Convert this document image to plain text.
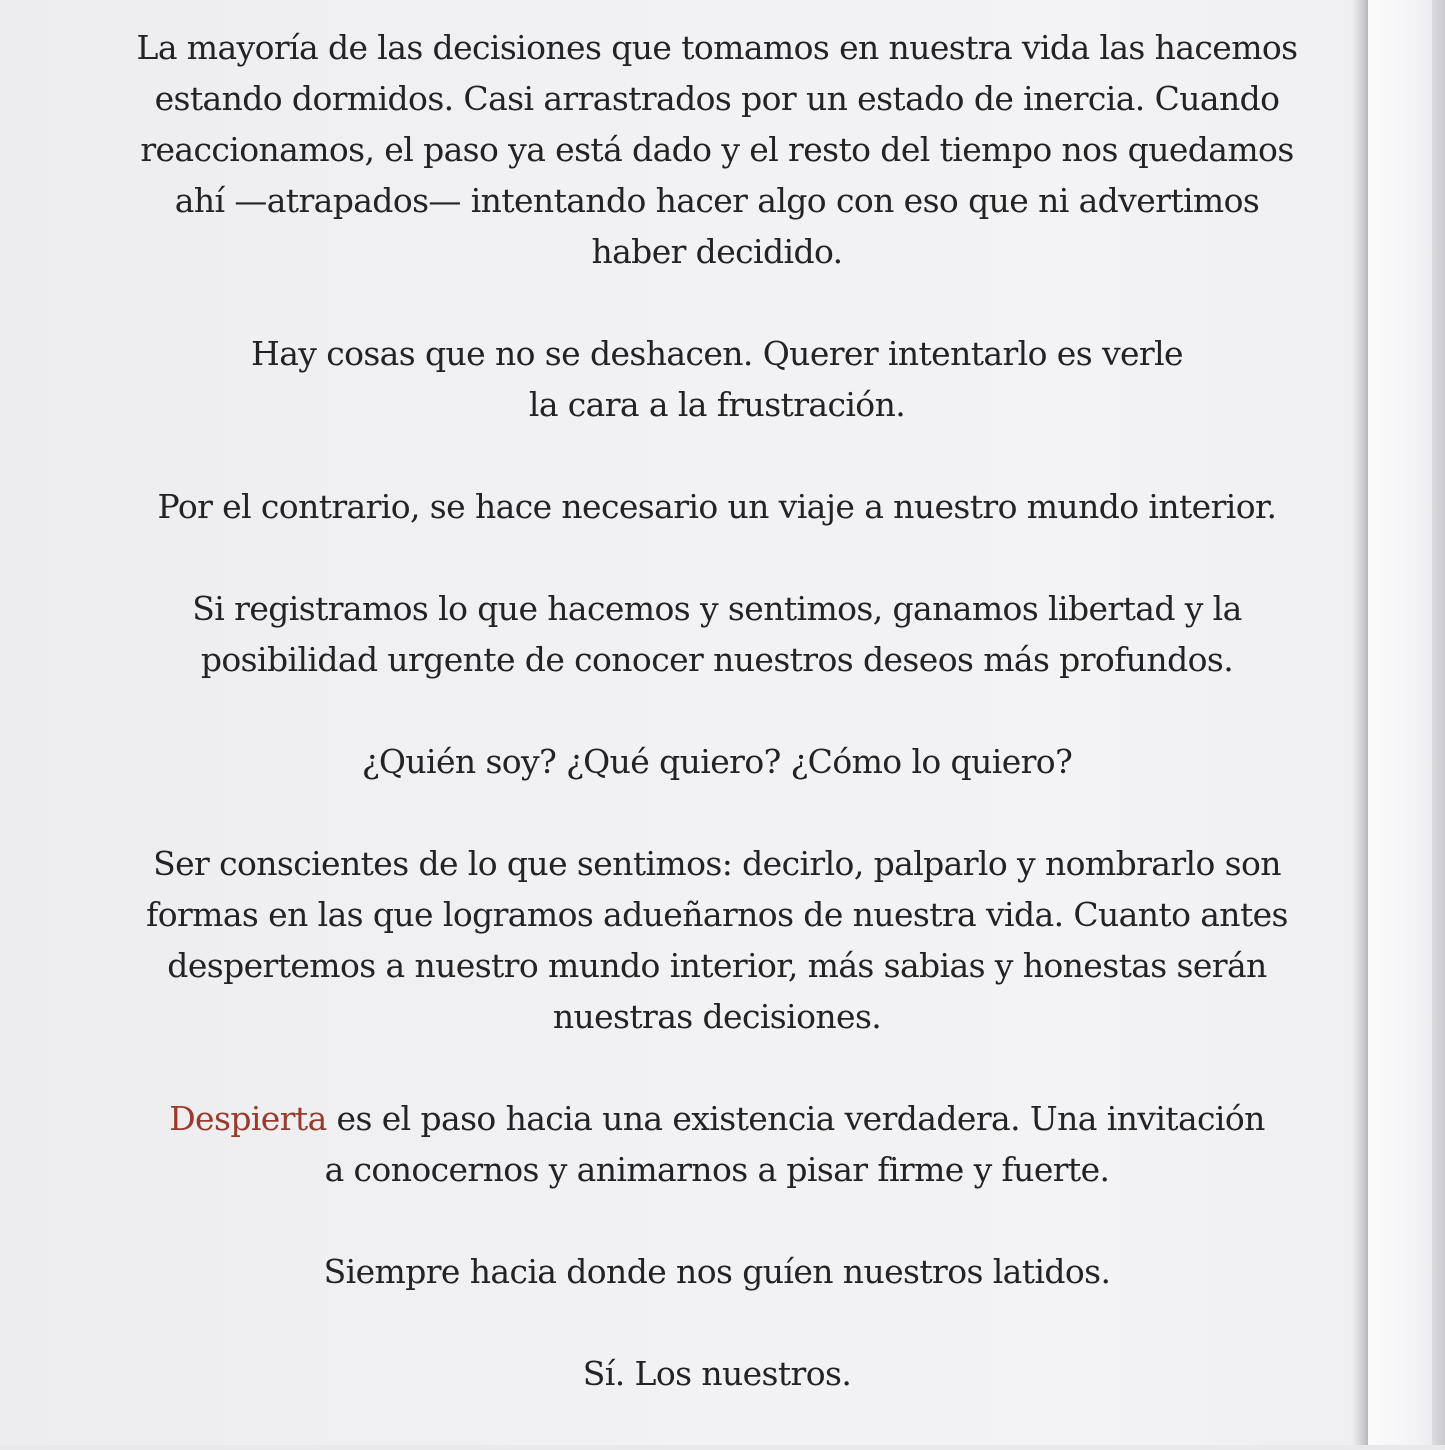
La mayoría de las decisiones que tomamos en nuestra vida las hacemos
estando dormidos. Casi arrastrados por un estado de inercia. Cuando
reaccionamos, el paso ya está dado y el resto del tiempo nos quedamos
ahí —atrapados— intentando hacer algo con eso que ni advertimos
haber decidido.

Hay cosas que no se deshacen. Querer intentarlo es verle
la cara a la frustración.

Por el contrario, se hace necesario un viaje a nuestro mundo interior.

Si registramos lo que hacemos y sentimos, ganamos libertad y la
posibilidad urgente de conocer nuestros deseos más profundos.

¿Quién soy? ¿Qué quiero? ¿Cómo lo quiero?

Ser conscientes de lo que sentimos: decirlo, palparlo y nombrarlo son
formas en las que logramos adueñarnos de nuestra vida. Cuanto antes
despertemos a nuestro mundo interior, más sabias y honestas serán
nuestras decisiones.

Despierta es el paso hacia una existencia verdadera. Una invitación
a conocernos y animarnos a pisar firme y fuerte.

Siempre hacia donde nos guíen nuestros latidos.

Sí. Los nuestros.
